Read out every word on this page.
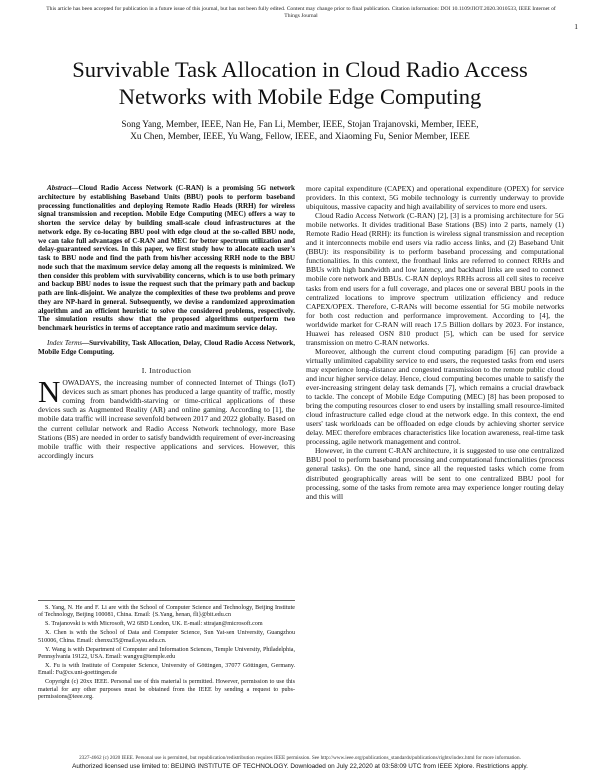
This article has been accepted for publication in a future issue of this journal, but has not been fully edited. Content may change prior to final publication. Citation information: DOI 10.1109/JIOT.2020.3010533, IEEE Internet of Things Journal
1
Survivable Task Allocation in Cloud Radio Access Networks with Mobile Edge Computing
Song Yang, Member, IEEE, Nan He, Fan Li, Member, IEEE, Stojan Trajanovski, Member, IEEE,
Xu Chen, Member, IEEE, Yu Wang, Fellow, IEEE, and Xiaoming Fu, Senior Member, IEEE

Abstract—Cloud Radio Access Network (C-RAN) is a promising 5G network architecture by establishing Baseband Units (BBU) pools to perform baseband processing functionalities and deploying Remote Radio Heads (RRH) for wireless signal transmission and reception. Mobile Edge Computing (MEC) offers a way to shorten the service delay by building small-scale cloud infrastructures at the network edge. By co-locating BBU pool with edge cloud at the so-called BBU node, we can take full advantages of C-RAN and MEC for better spectrum utilization and delay-guaranteed services. In this paper, we first study how to allocate each user's task to BBU node and find the path from his/her accessing RRH node to the BBU node such that the maximum service delay among all the requests is minimized. We then consider this problem with survivability concerns, which is to use both primary and backup BBU nodes to issue the request such that the primary path and backup path are link-disjoint. We analyze the complexities of these two problems and prove they are NP-hard in general. Subsequently, we devise a randomized approximation algorithm and an efficient heuristic to solve the considered problems, respectively. The simulation results show that the proposed algorithms outperform two benchmark heuristics in terms of acceptance ratio and maximum service delay.

Index Terms—Survivability, Task Allocation, Delay, Cloud Radio Access Network, Mobile Edge Computing.

I. Introduction

NOWADAYS, the increasing number of connected Internet of Things (IoT) devices such as smart phones has produced a large quantity of traffic, mostly coming from bandwidth-starving or time-critical applications of these devices such as Augmented Reality (AR) and online gaming. According to [1], the mobile data traffic will increase sevenfold between 2017 and 2022 globally. Based on the current cellular network and Radio Access Network technology, more Base Stations (BS) are needed in order to satisfy bandwidth requirement of ever-increasing mobile traffic with their respective applications and services. However, this accordingly incurs

S. Yang, N. He and F. Li are with the School of Computer Science and Technology, Beijing Institute of Technology, Beijing 100081, China. Email: {S.Yang, henan, fli}@bit.edu.cn

S. Trajanovski is with Microsoft, W2 6BD London, UK. E-mail: sttrajan@microsoft.com

X. Chen is with the School of Data and Computer Science, Sun Yat-sen University, Guangzhou 510006, China. Email: chenxu35@mail.sysu.edu.cn.

Y. Wang is with Department of Computer and Information Sciences, Temple University, Philadelphia, Pennsylvania 19122, USA. Email: wangyu@temple.edu

X. Fu is with Institute of Computer Science, University of Göttingen, 37077 Göttingen, Germany. Email: Fu@cs.uni-goettingen.de

Copyright (c) 20xx IEEE. Personal use of this material is permitted. However, permission to use this material for any other purposes must be obtained from the IEEE by sending a request to pubs-permissions@ieee.org.

more capital expenditure (CAPEX) and operational expenditure (OPEX) for service providers. In this context, 5G mobile technology is currently underway to provide ubiquitous, massive capacity and high availability of services to more end users.

Cloud Radio Access Network (C-RAN) [2], [3] is a promising architecture for 5G mobile networks. It divides traditional Base Stations (BS) into 2 parts, namely (1) Remote Radio Head (RRH): its function is wireless signal transmission and reception and it interconnects mobile end users via radio access links, and (2) Baseband Unit (BBU): its responsibility is to perform baseband processing and computational functionalities. In this context, the fronthaul links are referred to connect RRHs and BBUs with high bandwidth and low latency, and backhaul links are used to connect mobile core network and BBUs. C-RAN deploys RRHs across all cell sites to receive tasks from end users for a full coverage, and places one or several BBU pools in the centralized locations to improve spectrum utilization efficiency and reduce CAPEX/OPEX. Therefore, C-RANs will become essential for 5G mobile networks for both cost reduction and performance improvement. According to [4], the worldwide market for C-RAN will reach 17.5 Billion dollars by 2023. For instance, Huawei has released OSN 810 product [5], which can be used for service transmission on metro C-RAN networks.

Moreover, although the current cloud computing paradigm [6] can provide a virtually unlimited capability service to end users, the requested tasks from end users may experience long-distance and congested transmission to the remote public cloud and incur higher service delay. Hence, cloud computing becomes unable to satisfy the ever-increasing stringent delay task demands [7], which remains a crucial drawback to tackle. The concept of Mobile Edge Computing (MEC) [8] has been proposed to bring the computing resources closer to end users by installing small resource-limited cloud infrastructure called edge cloud at the network edge. In this context, the end users' task workloads can be offloaded on edge clouds by achieving shorter service delay. MEC therefore embraces characteristics like location awareness, real-time task processing, agile network management and control.

However, in the current C-RAN architecture, it is suggested to use one centralized BBU pool to perform baseband processing and computational functionalities (process general tasks). On the one hand, since all the requested tasks which come from distributed geographically areas will be sent to one centralized BBU pool for processing, some of the tasks from remote area may experience longer routing delay and this will

2327-4662 (c) 2020 IEEE. Personal use is permitted, but republication/redistribution requires IEEE permission. See http://www.ieee.org/publications_standards/publications/rights/index.html for more information.
Authorized licensed use limited to: BEIJING INSTITUTE OF TECHNOLOGY. Downloaded on July 22,2020 at 03:58:09 UTC from IEEE Xplore. Restrictions apply.
